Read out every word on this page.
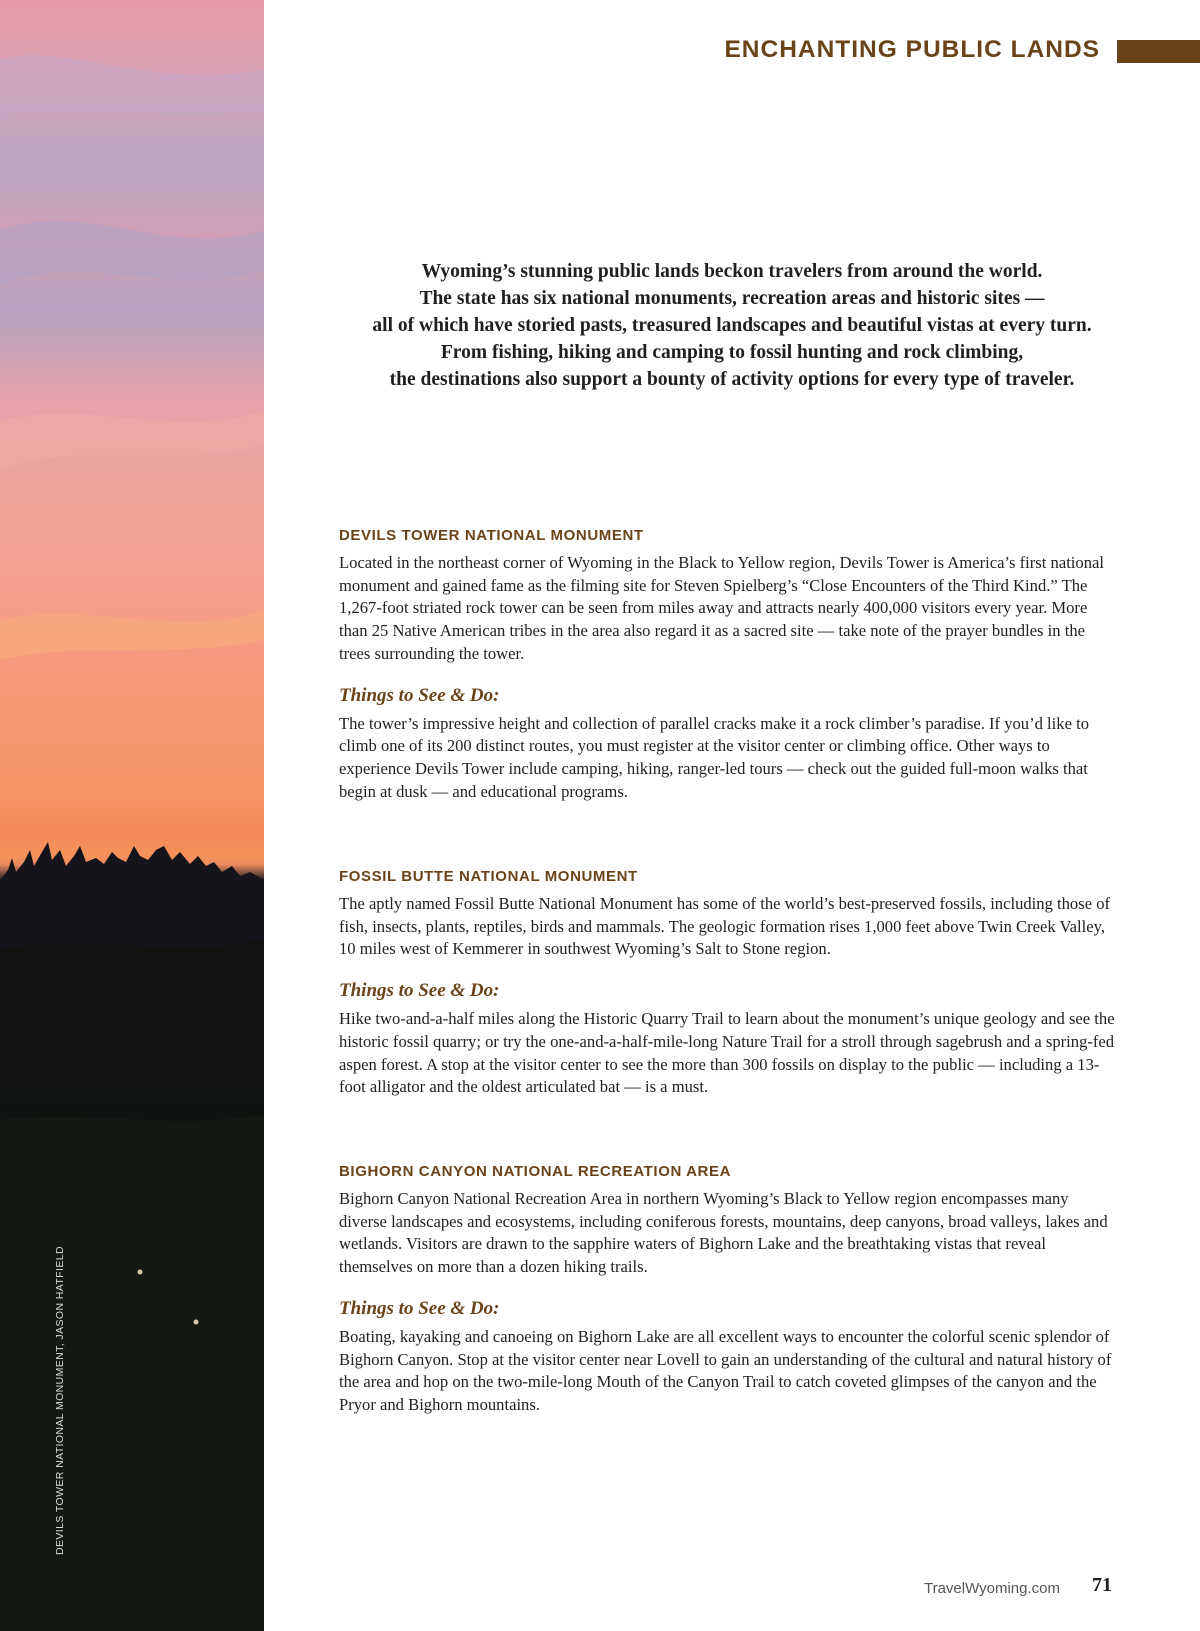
DEVILS TOWER NATIONAL MONUMENT, JASON HATFIELD
ENCHANTING PUBLIC LANDS
Wyoming’s stunning public lands beckon travelers from around the world.
The state has six national monuments, recreation areas and historic sites —
all of which have storied pasts, treasured landscapes and beautiful vistas at every turn.
From fishing, hiking and camping to fossil hunting and rock climbing,
the destinations also support a bounty of activity options for every type of traveler.
DEVILS TOWER NATIONAL MONUMENT

Located in the northeast corner of Wyoming in the Black to Yellow region, Devils Tower is America’s first national monument and gained fame as the filming site for Steven Spielberg’s “Close Encounters of the Third Kind.” The 1,267-foot striated rock tower can be seen from miles away and attracts nearly 400,000 visitors every year. More than 25 Native American tribes in the area also regard it as a sacred site — take note of the prayer bundles in the trees surrounding the tower.

Things to See & Do:

The tower’s impressive height and collection of parallel cracks make it a rock climber’s paradise. If you’d like to climb one of its 200 distinct routes, you must register at the visitor center or climbing office. Other ways to experience Devils Tower include camping, hiking, ranger-led tours — check out the guided full-moon walks that begin at dusk — and educational programs.

FOSSIL BUTTE NATIONAL MONUMENT

The aptly named Fossil Butte National Monument has some of the world’s best-preserved fossils, including those of fish, insects, plants, reptiles, birds and mammals. The geologic formation rises 1,000 feet above Twin Creek Valley, 10 miles west of Kemmerer in southwest Wyoming’s Salt to Stone region.

Things to See & Do:

Hike two-and-a-half miles along the Historic Quarry Trail to learn about the monument’s unique geology and see the historic fossil quarry; or try the one-and-a-half-mile-long Nature Trail for a stroll through sagebrush and a spring-fed aspen forest. A stop at the visitor center to see the more than 300 fossils on display to the public — including a 13-foot alligator and the oldest articulated bat — is a must.

BIGHORN CANYON NATIONAL RECREATION AREA

Bighorn Canyon National Recreation Area in northern Wyoming’s Black to Yellow region encompasses many diverse landscapes and ecosystems, including coniferous forests, mountains, deep canyons, broad valleys, lakes and wetlands. Visitors are drawn to the sapphire waters of Bighorn Lake and the breathtaking vistas that reveal themselves on more than a dozen hiking trails.

Things to See & Do:

Boating, kayaking and canoeing on Bighorn Lake are all excellent ways to encounter the colorful scenic splendor of Bighorn Canyon. Stop at the visitor center near Lovell to gain an understanding of the cultural and natural history of the area and hop on the two-mile-long Mouth of the Canyon Trail to catch coveted glimpses of the canyon and the Pryor and Bighorn mountains.

TravelWyoming.com 71
